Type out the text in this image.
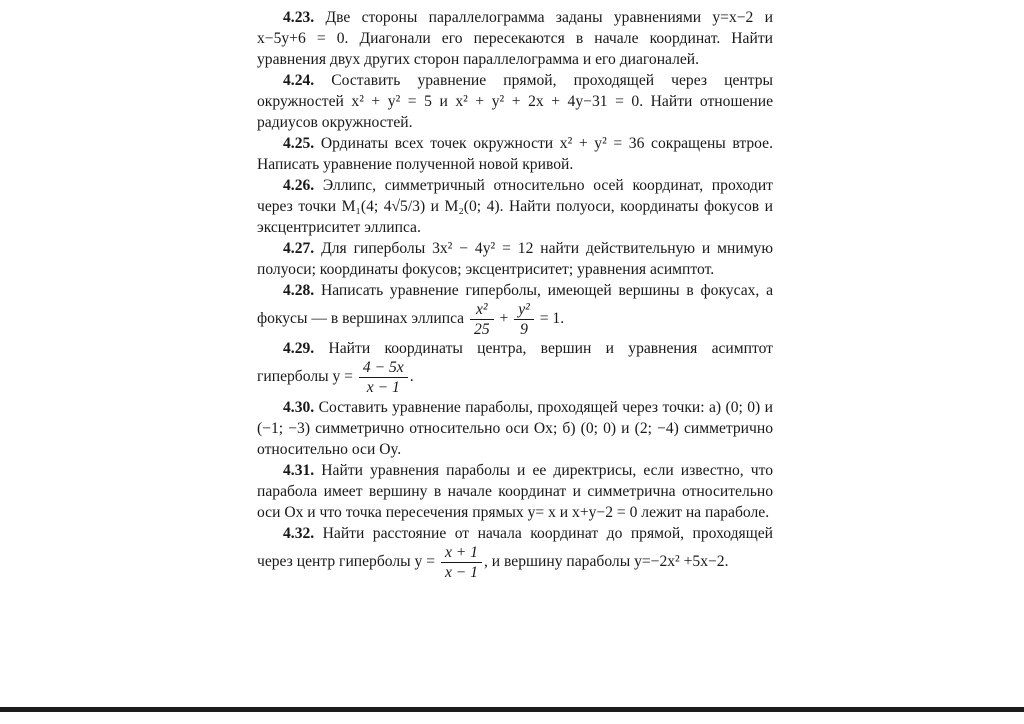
4.23. Две стороны параллелограмма заданы уравнениями y=x−2 и x−5y+6 = 0. Диагонали его пересекаются в начале координат. Найти уравнения двух других сторон параллелограмма и его диагоналей.

4.24. Составить уравнение прямой, проходящей через центры окружностей x² + y² = 5 и x² + y² + 2x + 4y−31 = 0. Найти отношение радиусов окружностей.

4.25. Ординаты всех точек окружности x² + y² = 36 сокращены втрое. Написать уравнение полученной новой кривой.

4.26. Эллипс, симметричный относительно осей координат, проходит через точки M₁(4; 4√5/3) и M₂(0; 4). Найти полуоси, координаты фокусов и эксцентриситет эллипса.

4.27. Для гиперболы 3x² − 4y² = 12 найти действительную и мнимую полуоси; координаты фокусов; эксцентриситет; уравнения асимптот.

4.28. Написать уравнение гиперболы, имеющей вершины в фокусах, а фокусы — в вершинах эллипса $\frac{\text{x²}}{25} + \frac{\text{y²}}{9} = 1$.

4.29. Найти координаты центра, вершин и уравнения асимптот гиперболы $y = \frac{4 - 5x}{x - 1}$ .

4.30. Составить уравнение параболы, проходящей через точки: а) (0; 0) и (−1; −3) симметрично относительно оси Ox; б) (0; 0) и (2; −4) симметрично относительно оси Oy.

4.31. Найти уравнения параболы и ее директрисы, если известно, что парабола имеет вершину в начале координат и симметрична относительно оси Ox и что точка пересечения прямых y= x и x+y−2 = 0 лежит на параболе.

4.32. Найти расстояние от начала координат до прямой, проходящей через центр гиперболы $y = \frac{x + 1}{x - 1}$ , и вершину параболы y=−2x² +5x−2.
